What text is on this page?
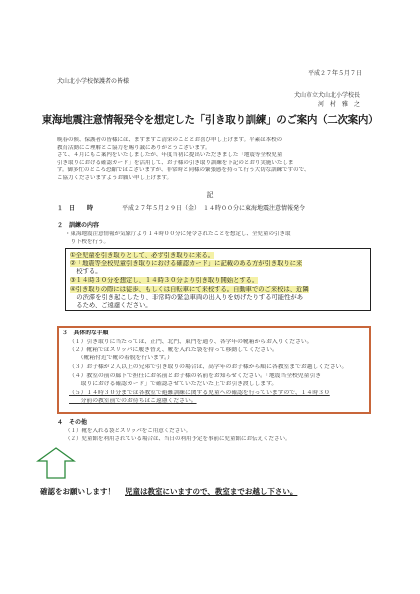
平成２７年５月７日
犬山北小学校保護者の皆様
犬山市立犬山北小学校長
河　村　雅　之
東海地震注意情報発令を想定した「引き取り訓練」のご案内（二次案内）
晩春の候、保護者の皆様には、ますますご清栄のこととお喜び申し上げます。平素は本校の
教育活動にご理解とご協力を賜り誠にありがとうございます。
さて、４月にもご案内をいたしましたが、年度当初に提出いただきました「地震等全校児童
引き取りにおける確認カード」を活用して、お子様の引き取り訓練を下記のとおり実施いたしま
す。御多忙のところ恐縮ではございますが、非常時と同様の緊張感を持って行う大切な訓練ですので、
ご協力くださいますようお願い申し上げます。
記
１　日　　時	平成２７年５月２９日（金）　１４時００分に東海地震注意情報発令
２　訓練の内容
・東海地震注意情報が気象庁より１４時００分に発令されたことを想定し、全児童の引き取
　り下校を行う。
①全児童を引き取りとして、必ず引き取りに来る。
②「地震等全校児童引き取りにおける確認カード」に記載のある方が引き取りに来
　校する。
③１４時３０分を想定し、１４時３０分より引き取り開始とする。
④引き取りの際には徒歩、もしくは自転車にて来校する。自動車でのご来校は、近隣
　の渋滞を引き起こしたり、非常時の緊急車両の出入りを妨げたりする可能性があ
　るため、ご遠慮ください。
３　具体的な手順
（１）引き取りに当たっては、正門、北門、東門を通り、各学年の靴箱からお入りください。
（２）靴箱ではスリッパに履き替え、靴を入れた袋を持って移動してください。
　　（靴箱付近で靴の着脱を行います。）
（３）お子様が２人以上の兄弟で引き取りの場合は、高学年のお子様から順に各教室までお越しください。
（４）教室の前の廊下で担任にお名前とお子様の名前をお知らせください。「地震当全校児童引き
　　取りにおける確認カード」で確認させていただいた上でお引き渡しします。
（５）１４時３０分までは各教室で避難訓練に関する児童への確認を行っていますので、１４時３０
　　分前の教室前でのお待ちはご遠慮ください。
４　その他
（１）靴を入れる袋とスリッパをご用意ください。
（２）児童館を利用されている場合は、当日の利用予定を事前に児童館にお伝えください。
確認をお願いします！ 児童は教室にいますので、教室までお越し下さい。
